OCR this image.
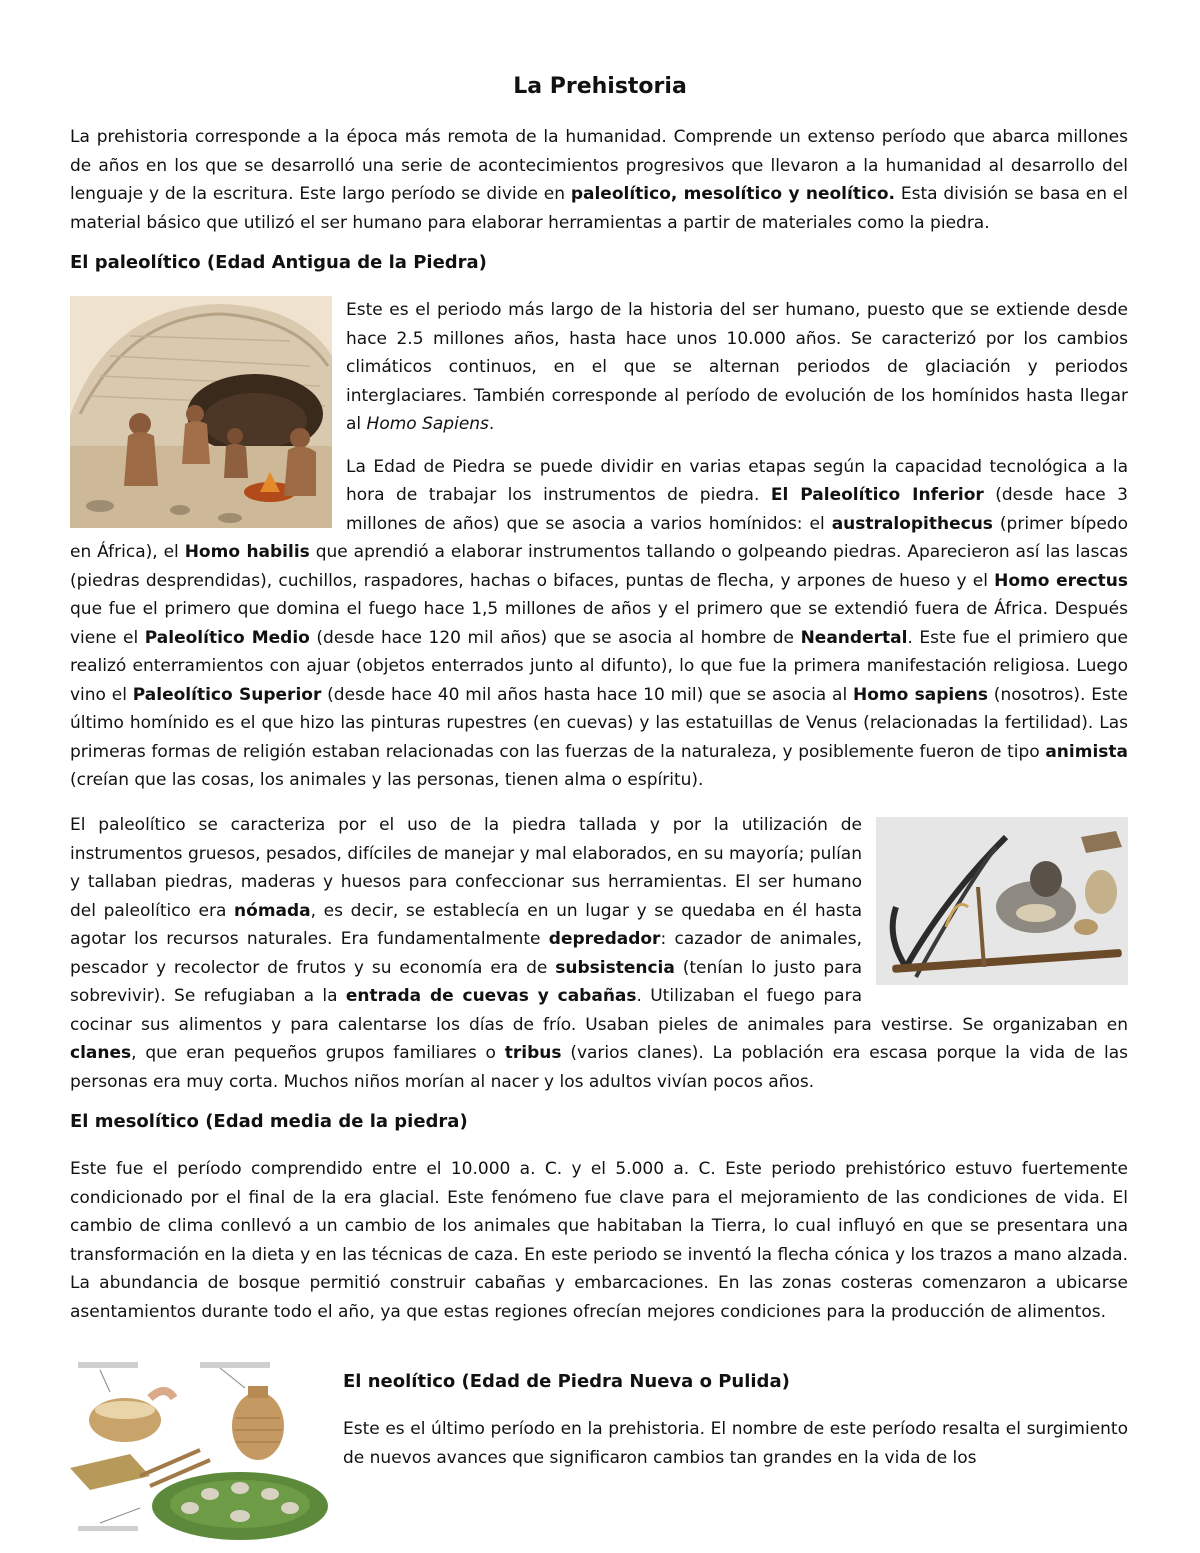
La Prehistoria

La prehistoria corresponde a la época más remota de la humanidad. Comprende un extenso período que abarca millones de años en los que se desarrolló una serie de acontecimientos progresivos que llevaron a la humanidad al desarrollo del lenguaje y de la escritura. Este largo período se divide en paleolítico, mesolítico y neolítico. Esta división se basa en el material básico que utilizó el ser humano para elaborar herramientas a partir de materiales como la piedra.

El paleolítico (Edad Antigua de la Piedra)

Este es el periodo más largo de la historia del ser humano, puesto que se extiende desde hace 2.5 millones años, hasta hace unos 10.000 años. Se caracterizó por los cambios climáticos continuos, en el que se alternan periodos de glaciación y periodos interglaciares. También corresponde al período de evolución de los homínidos hasta llegar al Homo Sapiens.

La Edad de Piedra se puede dividir en varias etapas según la capacidad tecnológica a la hora de trabajar los instrumentos de piedra. El Paleolítico Inferior (desde hace 3 millones de años) que se asocia a varios homínidos: el australopithecus (primer bípedo en África), el Homo habilis que aprendió a elaborar instrumentos tallando o golpeando piedras. Aparecieron así las lascas (piedras desprendidas), cuchillos, raspadores, hachas o bifaces, puntas de flecha, y arpones de hueso y el Homo erectus que fue el primero que domina el fuego hace 1,5 millones de años y el primero que se extendió fuera de África. Después viene el Paleolítico Medio (desde hace 120 mil años) que se asocia al hombre de Neandertal. Este fue el primiero que realizó enterramientos con ajuar (objetos enterrados junto al difunto), lo que fue la primera manifestación religiosa. Luego vino el Paleolítico Superior (desde hace 40 mil años hasta hace 10 mil) que se asocia al Homo sapiens (nosotros). Este último homínido es el que hizo las pinturas rupestres (en cuevas) y las estatuillas de Venus (relacionadas la fertilidad). Las primeras formas de religión estaban relacionadas con las fuerzas de la naturaleza, y posiblemente fueron de tipo animista (creían que las cosas, los animales y las personas, tienen alma o espíritu).

El paleolítico se caracteriza por el uso de la piedra tallada y por la utilización de instrumentos gruesos, pesados, difíciles de manejar y mal elaborados, en su mayoría; pulían y tallaban piedras, maderas y huesos para confeccionar sus herramientas. El ser humano del paleolítico era nómada, es decir, se establecía en un lugar y se quedaba en él hasta agotar los recursos naturales. Era fundamentalmente depredador: cazador de animales, pescador y recolector de frutos y su economía era de subsistencia (tenían lo justo para sobrevivir). Se refugiaban a la entrada de cuevas y cabañas. Utilizaban el fuego para cocinar sus alimentos y para calentarse los días de frío. Usaban pieles de animales para vestirse. Se organizaban en clanes, que eran pequeños grupos familiares o tribus (varios clanes). La población era escasa porque la vida de las personas era muy corta. Muchos niños morían al nacer y los adultos vivían pocos años.

El mesolítico (Edad media de la piedra)

Este fue el período comprendido entre el 10.000 a. C. y el 5.000 a. C. Este periodo prehistórico estuvo fuertemente condicionado por el final de la era glacial. Este fenómeno fue clave para el mejoramiento de las condiciones de vida. El cambio de clima conllevó a un cambio de los animales que habitaban la Tierra, lo cual influyó en que se presentara una transformación en la dieta y en las técnicas de caza. En este periodo se inventó la flecha cónica y los trazos a mano alzada. La abundancia de bosque permitió construir cabañas y embarcaciones. En las zonas costeras comenzaron a ubicarse asentamientos durante todo el año, ya que estas regiones ofrecían mejores condiciones para la producción de alimentos.

El neolítico (Edad de Piedra Nueva o Pulida)

Este es el último período en la prehistoria. El nombre de este período resalta el surgimiento de nuevos avances que significaron cambios tan grandes en la vida de los
